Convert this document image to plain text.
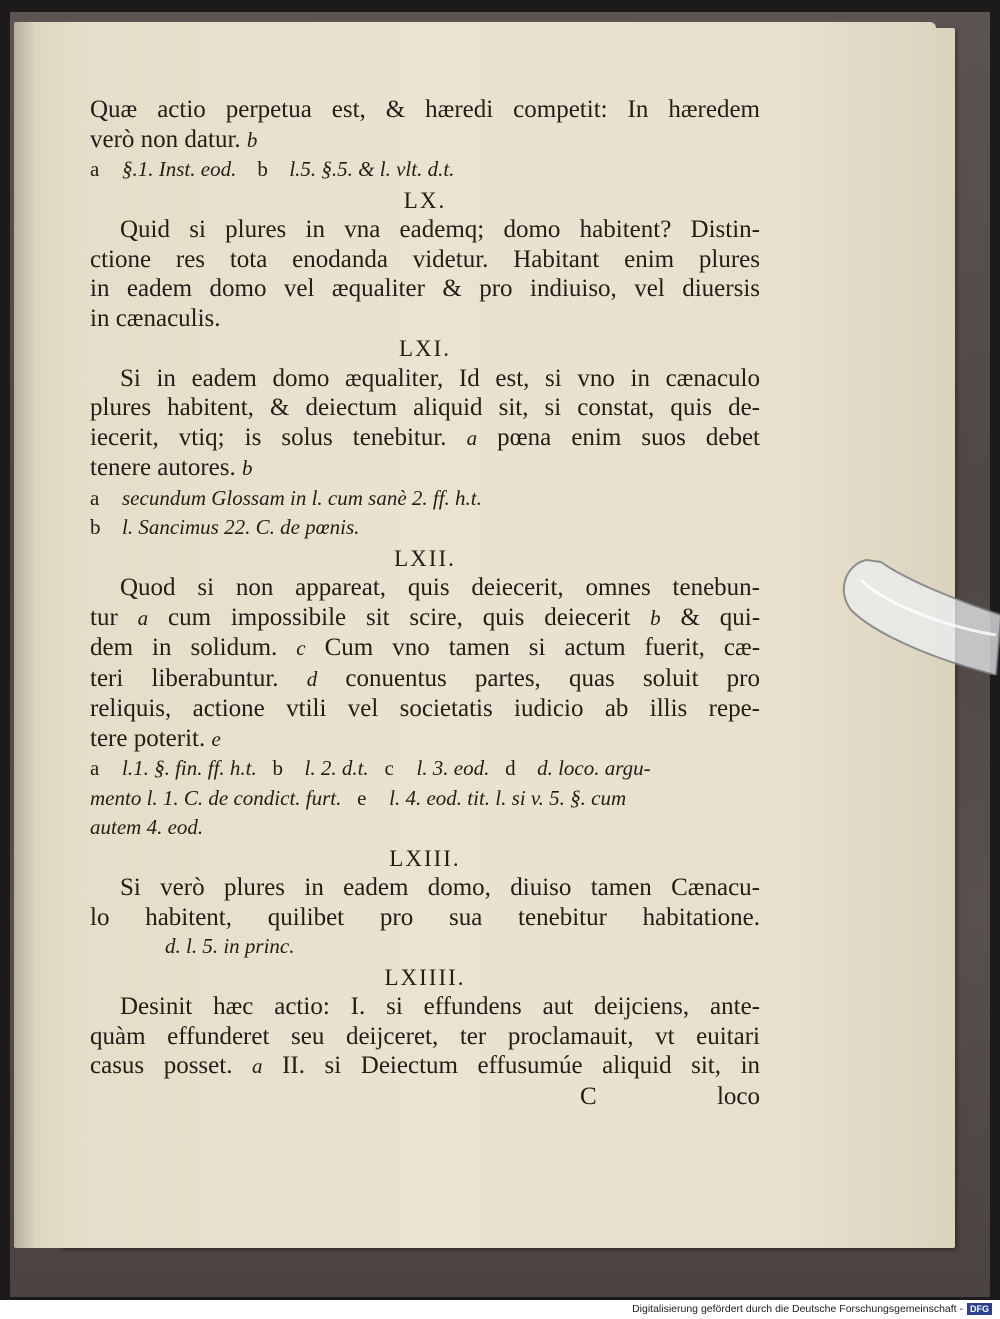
Quæ actio perpetua est, & hæredi competit: In hæredem
verò non datur. b
a §.1. Inst. eod. b l.5. §.5. & l. vlt. d.t.
LX.
Quid si plures in vna eademq; domo habitent? Distin-
ctione res tota enodanda videtur. Habitant enim plures
in eadem domo vel æqualiter & pro indiuiso, vel diuersis
in cænaculis.
LXI.
Si in eadem domo æqualiter, Id est, si vno in cænaculo
plures habitent, & deiectum aliquid sit, si constat, quis de-
iecerit, vtiq; is solus tenebitur. a pœna enim suos debet
tenere autores. b
a secundum Glossam in l. cum sanè 2. ff. h.t.
b l. Sancimus 22. C. de pœnis.
LXII.
Quod si non appareat, quis deiecerit, omnes tenebun-
tur a cum impossibile sit scire, quis deiecerit b & qui-
dem in solidum. c Cum vno tamen si actum fuerit, cæ-
teri liberabuntur. d conuentus partes, quas soluit pro
reliquis, actione vtili vel societatis iudicio ab illis repe-
tere poterit. e
a l.1. §. fin. ff. h.t. b l. 2. d.t. c l. 3. eod. d d. loco. argu-
mento l. 1. C. de condict. furt. e l. 4. eod. tit. l. si v. 5. §. cum
autem 4. eod.
LXIII.
Si verò plures in eadem domo, diuiso tamen Cænacu-
lo habitent, quilibet pro sua tenebitur habitatione.
d. l. 5. in princ.
LXIIII.
Desinit hæc actio: I. si effundens aut deijciens, ante-
quàm effunderet seu deijceret, ter proclamauit, vt euitari
casus posset. a II. si Deiectum effusumúe aliquid sit, in
C	loco
Digitalisierung gefördert durch die Deutsche Forschungsgemeinschaft - DFG
